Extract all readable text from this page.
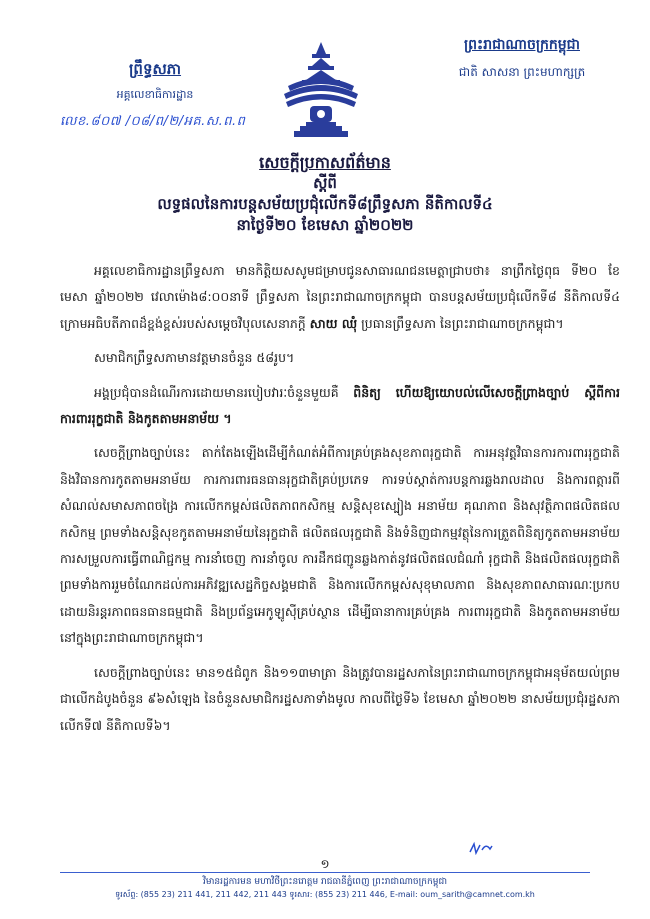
ព្រឹទ្ធសភា
អគ្គលេខាធិការដ្ឋាន
លេខ.៨០៧ /០៨/ព/២/អគ.ស.ព.ព
ព្រះរាជាណាចក្រកម្ពុជា
ជាតិ សាសនា ព្រះមហាក្សត្រ
សេចក្តីប្រកាសព័ត៌មាន
ស្តីពី
លទ្ធផលនៃការបន្តសម័យប្រជុំលើកទី៨ព្រឹទ្ធសភា នីតិកាលទី៤
នាថ្ងៃទី២០ ខែមេសា ឆ្នាំ២០២២

អគ្គលេខាធិការដ្ឋានព្រឹទ្ធសភា មានកិត្តិយសសូមជម្រាបជូនសាធារណជនមេត្តាជ្រាបថា៖ នាព្រឹកថ្ងៃពុធ ទី២០ ខែមេសា ឆ្នាំ២០២២ វេលាម៉ោង៨:០០នាទី ព្រឹទ្ធសភា នៃព្រះរាជាណាចក្រកម្ពុជា បានបន្តសម័យប្រជុំលើកទី៨ នីតិកាលទី៤ ក្រោមអធិបតីភាពដ៏ខ្ពង់ខ្ពស់របស់សម្តេចវិបុលសេនាភក្តី សាយ ឈុំ ប្រធានព្រឹទ្ធសភា នៃព្រះរាជាណាចក្រកម្ពុជា។

សមាជិកព្រឹទ្ធសភាមានវត្តមានចំនួន ៥៨រូប។

អង្គប្រជុំបានដំណើរការដោយមានរបៀបវារៈចំនួនមួយគឺ ពិនិត្យ ហើយឱ្យយោបល់លើសេចក្តីព្រាងច្បាប់ ស្តីពីការការពាររុក្ខជាតិ និងកូតតាមអនាម័យ ។

សេចក្តីព្រាងច្បាប់នេះ តាក់តែងឡើងដើម្បីកំណត់អំពីការគ្រប់គ្រងសុខភាពរុក្ខជាតិ ការអនុវត្តវិធានការការពាររុក្ខជាតិ និងវិធានការកូតតាមអនាម័យ ការការពារធនធានរុក្ខជាតិគ្រប់ប្រភេទ ការទប់ស្កាត់ការបន្តការឆ្លងរាលដាល និងការពត្ការពីសំណល់សមាសភាពចង្រៃ ការលើកកម្ពស់ផលិតភាពកសិកម្ម សន្តិសុខស្បៀង អនាម័យ គុណភាព និងសុវត្ថិភាពផលិតផលកសិកម្ម ព្រមទាំងសន្តិសុខកូតតាមអនាម័យនៃរុក្ខជាតិ ផលិតផលរុក្ខជាតិ និងទំនិញជាកម្មវត្ថុនៃការត្រួតពិនិត្យកូតតាមអនាម័យ ការសម្រួលការធ្វើពាណិជ្ជកម្ម ការនាំចេញ ការនាំចូល ការដឹកជញ្ជូនឆ្លងកាត់នូវផលិតផលជំណាំ រុក្ខជាតិ និងផលិតផលរុក្ខជាតិ ព្រមទាំងការរួមចំណែកដល់ការអភិវឌ្ឍសេដ្ឋកិច្ចសង្គមជាតិ និងការលើកកម្ពស់សុខុមាលភាព និងសុខភាពសាធារណៈប្រកបដោយនិរន្តរភាពធនធានធម្មជាតិ និងប្រព័ន្ធអេកូឡូស៊ីគ្រប់ស្ថាន ដើម្បីធានាការគ្រប់គ្រង ការពាររុក្ខជាតិ និងកូតតាមអនាម័យនៅក្នុងព្រះរាជាណាចក្រកម្ពុជា។

សេចក្តីព្រាងច្បាប់នេះ មាន១៥ជំពូក និង១១៣មាត្រា និងត្រូវបានរដ្ឋសភានៃព្រះរាជាណាចក្រកម្ពុជាអនុម័តយល់ព្រមជាលើកដំបូងចំនួន ៩៦សំឡេង នៃចំនួនសមាជិករដ្ឋសភាទាំងមូល កាលពីថ្ងៃទី៦ ខែមេសា ឆ្នាំ២០២២ នាសម័យប្រជុំរដ្ឋសភាលើកទី៧ នីតិកាលទី៦។

១
វិមានរដ្ឋការមន មហាវិថីព្រះនរោត្តម រាជធានីភ្នំពេញ ព្រះរាជាណាចក្រកម្ពុជា
ទូរស័ព្ទ: (855 23) 211 441, 211 442, 211 443 ទូរសារ: (855 23) 211 446, E-mail: oum_sarith@camnet.com.kh
